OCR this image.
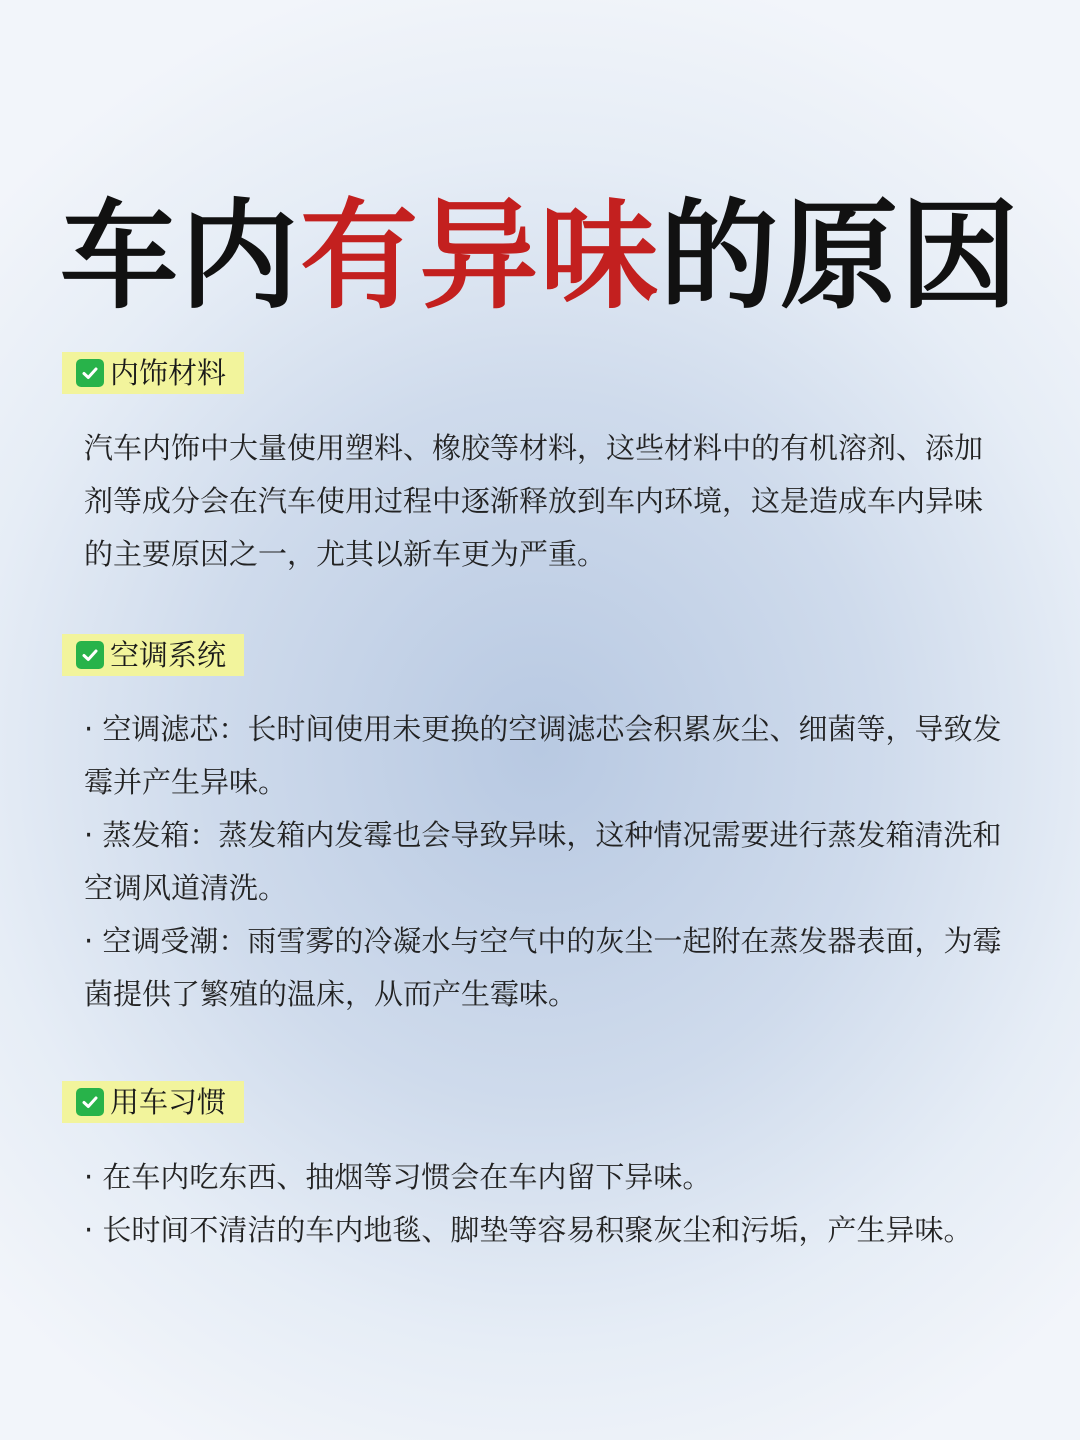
车内有异味的原因
内饰材料

汽车内饰中大量使用塑料、橡胶等材料，这些材料中的有机溶剂、添加剂等成分会在汽车使用过程中逐渐释放到车内环境，这是造成车内异味的主要原因之一，尤其以新车更为严重。

空调系统
· 空调滤芯：长时间使用未更换的空调滤芯会积累灰尘、细菌等，导致发霉并产生异味。
· 蒸发箱：蒸发箱内发霉也会导致异味，这种情况需要进行蒸发箱清洗和空调风道清洗。
· 空调受潮：雨雪雾的冷凝水与空气中的灰尘一起附在蒸发器表面，为霉菌提供了繁殖的温床，从而产生霉味。
用车习惯
· 在车内吃东西、抽烟等习惯会在车内留下异味。
· 长时间不清洁的车内地毯、脚垫等容易积聚灰尘和污垢，产生异味。
